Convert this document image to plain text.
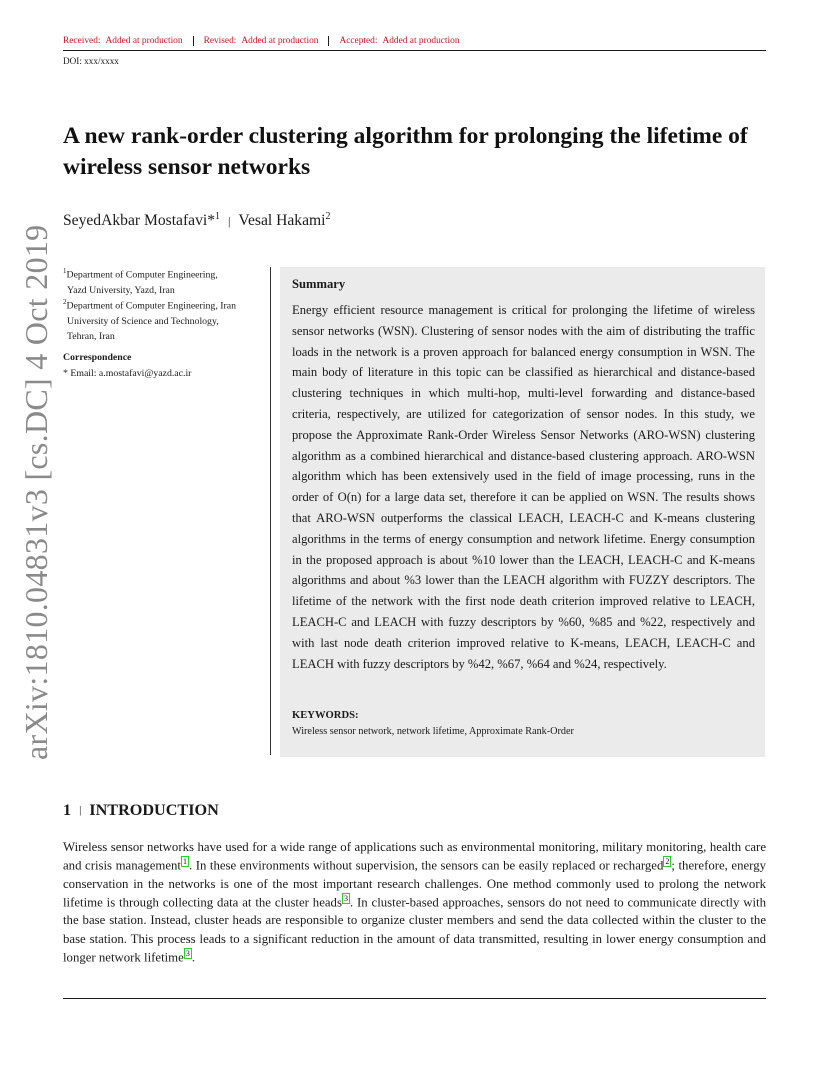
Received: Added at production Revised: Added at production Accepted: Added at production
DOI: xxx/xxxx
A new rank-order clustering algorithm for prolonging the lifetime of wireless sensor networks
SeyedAkbar Mostafavi*$^1$ | Vesal Hakami$^2$
arXiv:1810.04831v3 [cs.DC] 4 Oct 2019 $^1$Department of Computer Engineering,
Yazd University, Yazd, Iran
$^2$Department of Computer Engineering, Iran
University of Science and Technology,
Tehran, Iran
Correspondence
* Email: a.mostafavi@yazd.ac.ir
Summary
Energy efficient resource management is critical for prolonging the lifetime of wireless sensor networks (WSN). Clustering of sensor nodes with the aim of distributing the traffic loads in the network is a proven approach for balanced energy consumption in WSN. The main body of literature in this topic can be classified as hierarchical and distance-based clustering techniques in which multi-hop, multi-level forwarding and distance-based criteria, respectively, are utilized for categorization of sensor nodes. In this study, we propose the Approximate Rank-Order Wireless Sensor Networks (ARO-WSN) clustering algorithm as a combined hierarchical and distance-based clustering approach. ARO-WSN algorithm which has been extensively used in the field of image processing, runs in the order of O(n) for a large data set, therefore it can be applied on WSN. The results shows that ARO-WSN outperforms the classical LEACH, LEACH-C and K-means clustering algorithms in the terms of energy consumption and network lifetime. Energy consumption in the proposed approach is about %10 lower than the LEACH, LEACH-C and K-means algorithms and about %3 lower than the LEACH algorithm with FUZZY descriptors. The lifetime of the network with the first node death criterion improved relative to LEACH, LEACH-C and LEACH with fuzzy descriptors by %60, %85 and %22, respectively and with last node death criterion improved relative to K-means, LEACH, LEACH-C and LEACH with fuzzy descriptors by %42, %67, %64 and %24, respectively.
KEYWORDS:
Wireless sensor network, network lifetime, Approximate Rank-Order
1 | INTRODUCTION
Wireless sensor networks have used for a wide range of applications such as environmental monitoring, military monitoring, health care and crisis management 1 . In these environments without supervision, the sensors can be easily replaced or recharged 2 ; therefore, energy conservation in the networks is one of the most important research challenges. One method commonly used to prolong the network lifetime is through collecting data at the cluster heads 3 . In cluster-based approaches, sensors do not need to communicate directly with the base station. Instead, cluster heads are responsible to organize cluster members and send the data collected within the cluster to the base station. This process leads to a significant reduction in the amount of data transmitted, resulting in lower energy consumption and longer network lifetime 3 .
